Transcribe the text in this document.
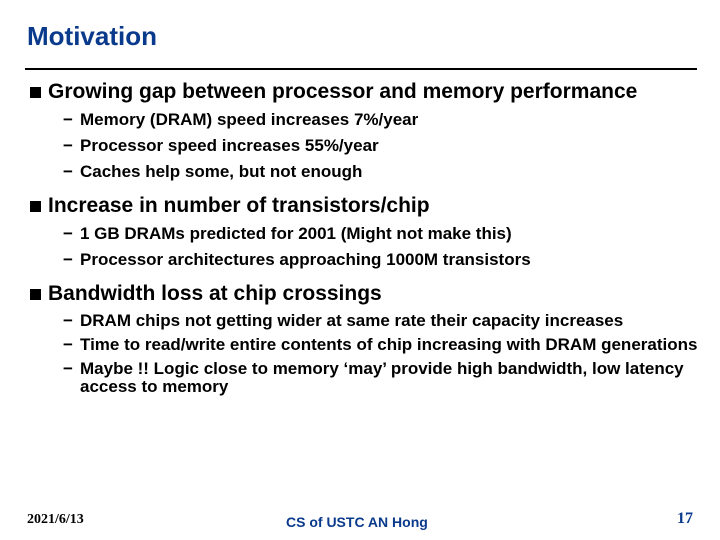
Motivation
Growing gap between processor and memory performance
− Memory (DRAM) speed increases 7%/year
− Processor speed increases 55%/year
− Caches help some, but not enough
Increase in number of transistors/chip
− 1 GB DRAMs predicted for 2001 (Might not make this)
− Processor architectures approaching 1000M transistors
Bandwidth loss at chip crossings
− DRAM chips not getting wider at same rate their capacity increases
− Time to read/write entire contents of chip increasing with DRAM generations
− Maybe !! Logic close to memory ‘may’ provide high bandwidth, low latency access to memory
2021/6/13	CS of USTC AN Hong	17
